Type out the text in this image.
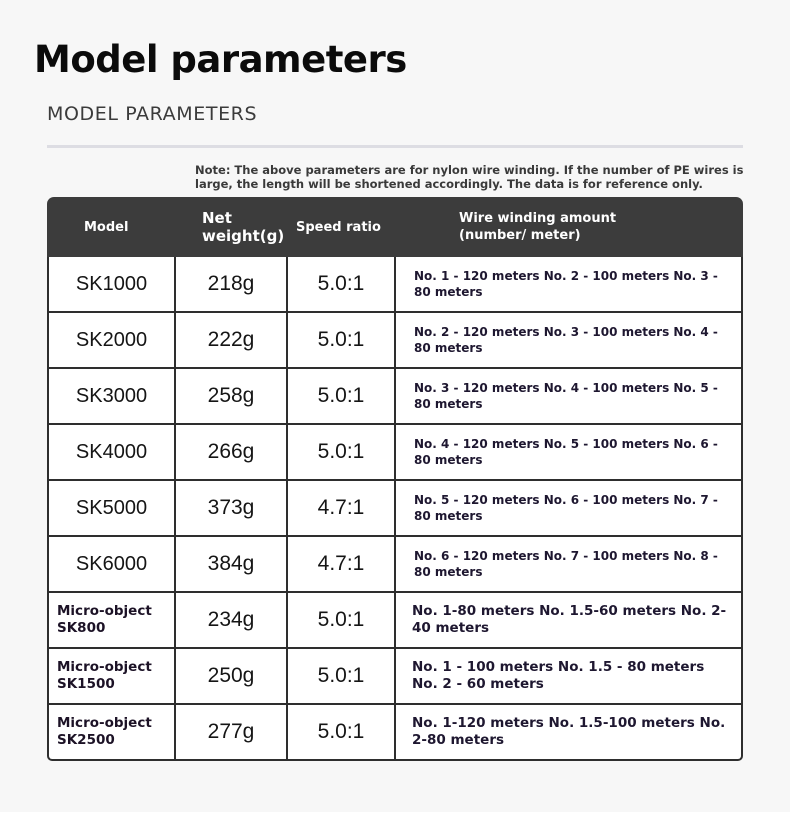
Model parameters

MODEL PARAMETERS

Note: The above parameters are for nylon wire winding. If the number of PE wires is large, the length will be shortened accordingly. The data is for reference only.

Model	Net weight(g)	Speed ratio	Wire winding amount (number/ meter)
SK1000	218g	5.0:1	No. 1 - 120 meters No. 2 - 100 meters No. 3 - 80 meters
SK2000	222g	5.0:1	No. 2 - 120 meters No. 3 - 100 meters No. 4 - 80 meters
SK3000	258g	5.0:1	No. 3 - 120 meters No. 4 - 100 meters No. 5 - 80 meters
SK4000	266g	5.0:1	No. 4 - 120 meters No. 5 - 100 meters No. 6 - 80 meters
SK5000	373g	4.7:1	No. 5 - 120 meters No. 6 - 100 meters No. 7 - 80 meters
SK6000	384g	4.7:1	No. 6 - 120 meters No. 7 - 100 meters No. 8 - 80 meters
Micro-object SK800	234g	5.0:1	No. 1-80 meters No. 1.5-60 meters No. 2-40 meters
Micro-object SK1500	250g	5.0:1	No. 1 - 100 meters No. 1.5 - 80 meters No. 2 - 60 meters
Micro-object SK2500	277g	5.0:1	No. 1-120 meters No. 1.5-100 meters No. 2-80 meters
